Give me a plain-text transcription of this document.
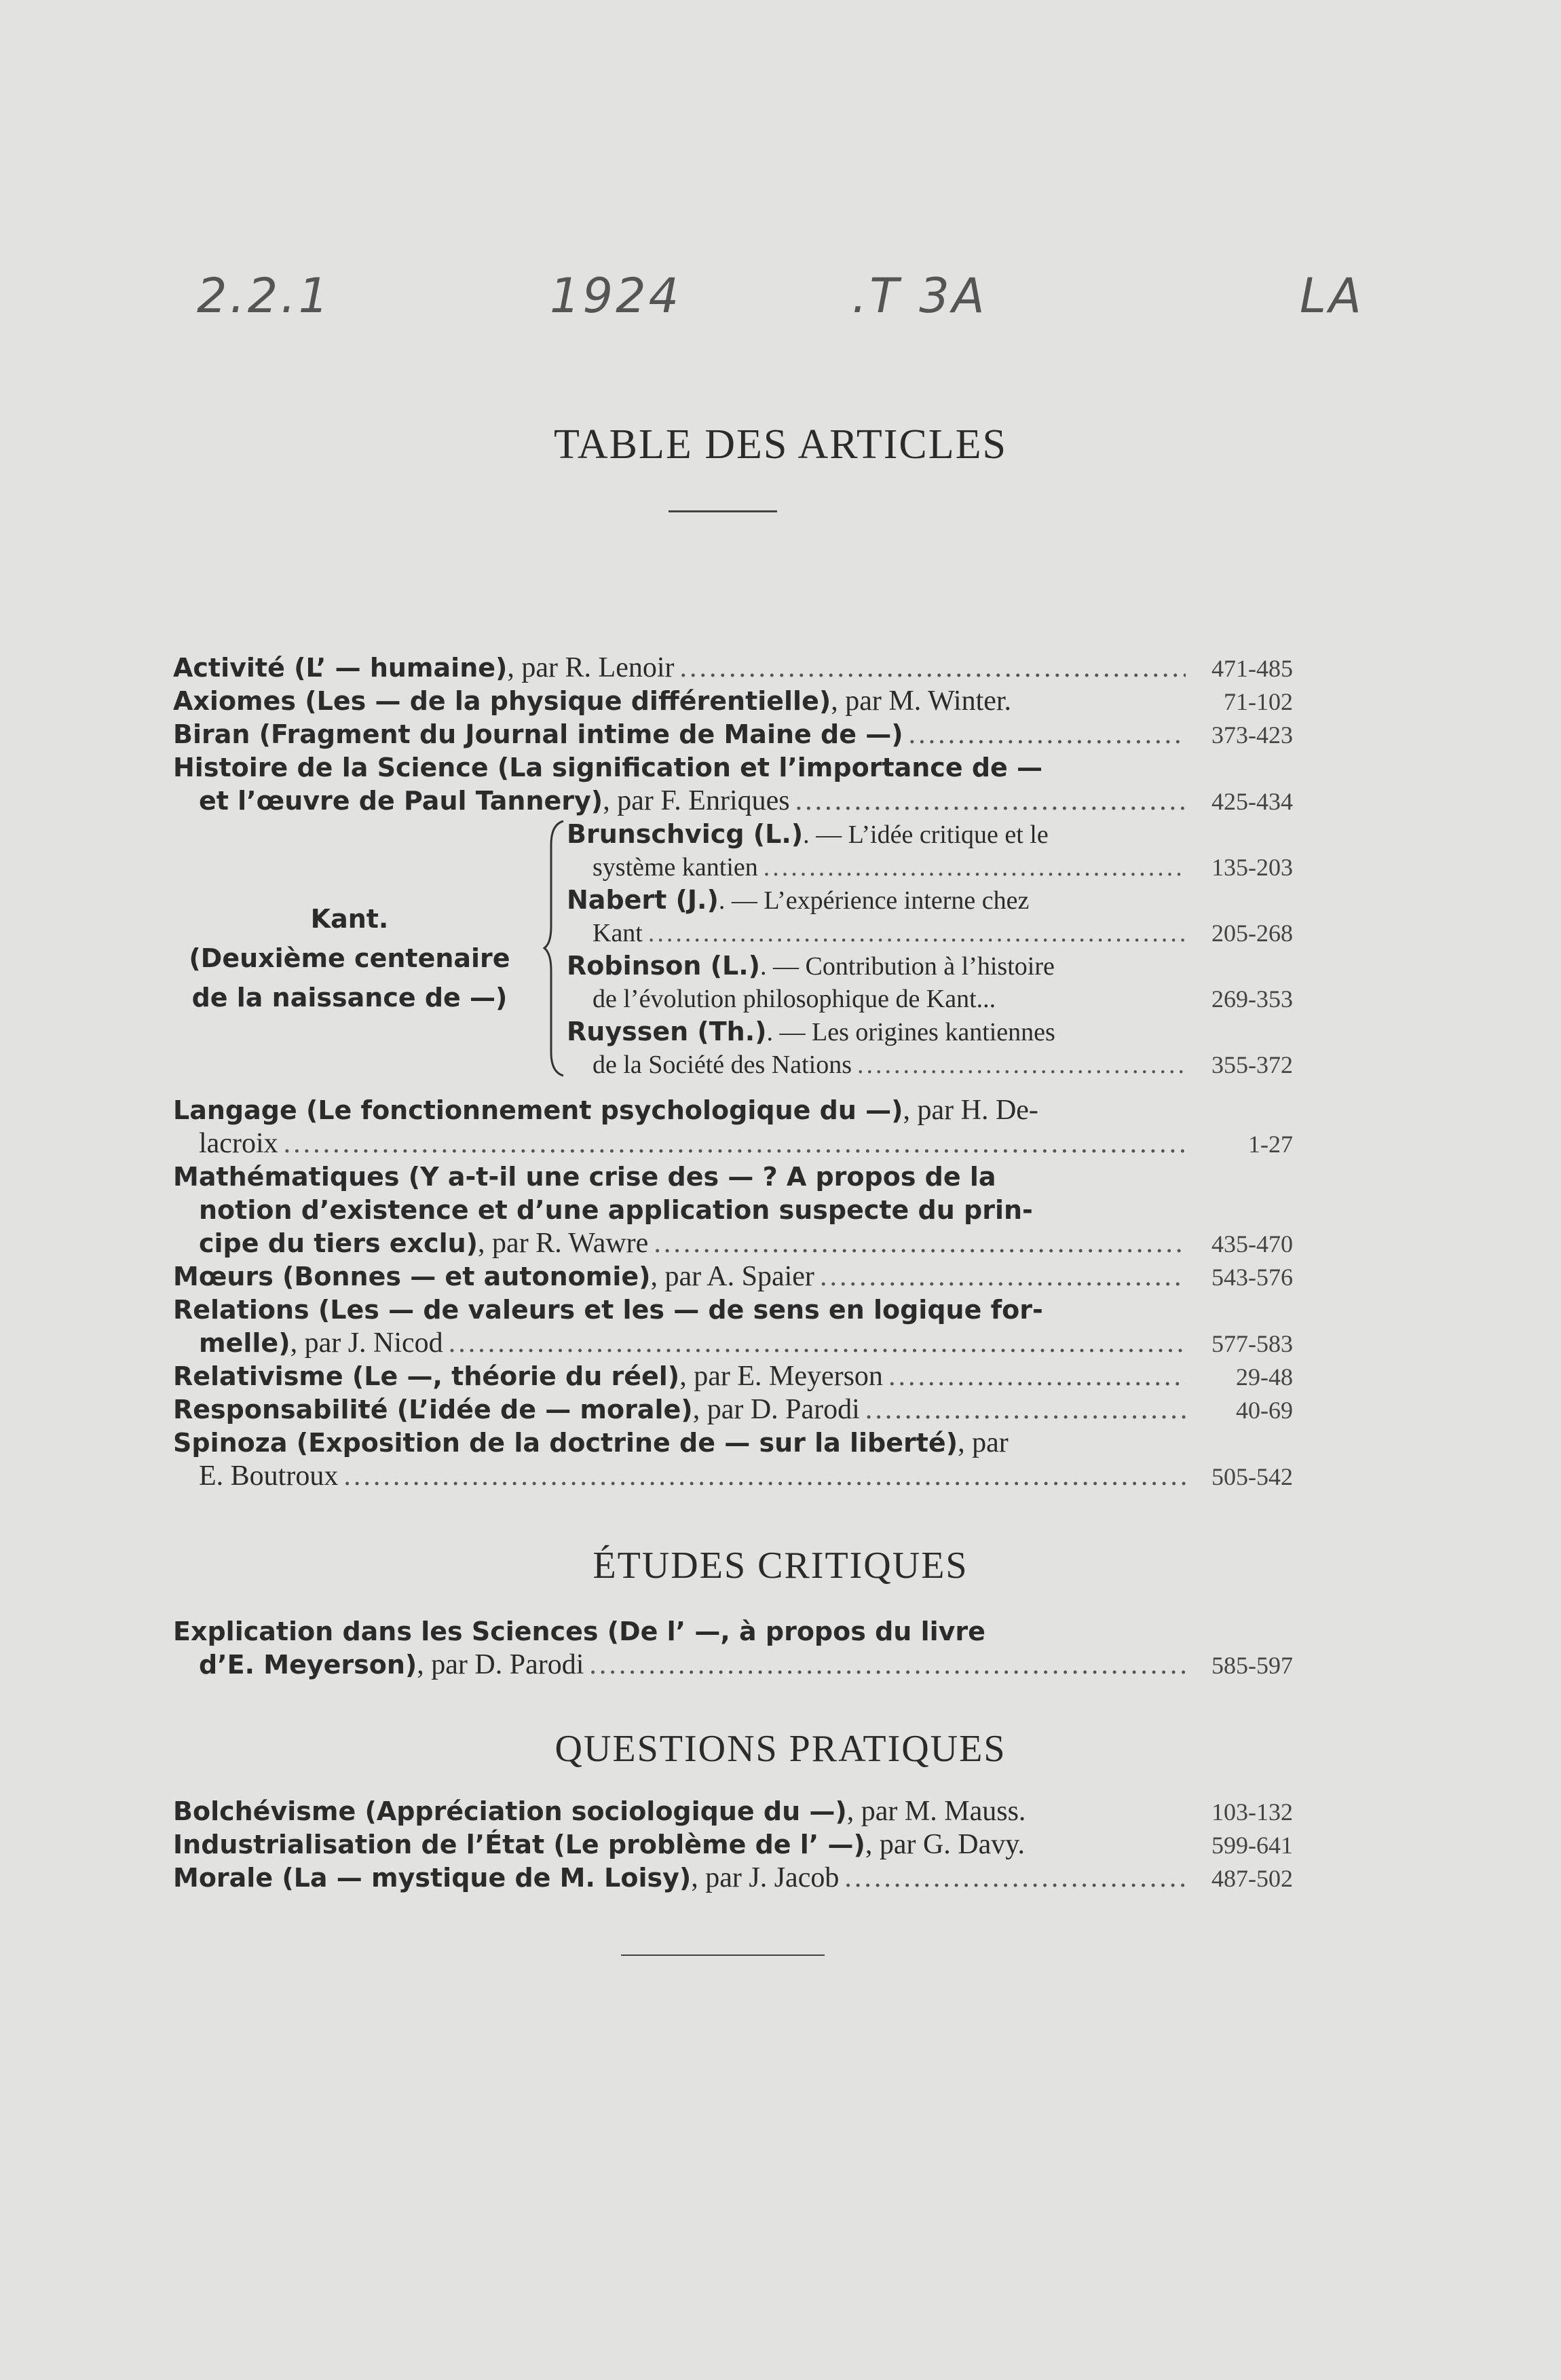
2.2.1	1924	.T 3A	LA
TABLE DES ARTICLES
Activité (L’ — humaine), par R. Lenoir .....	471-485
Axiomes (Les — de la physique différentielle), par M. Winter.	71-102
Biran (Fragment du Journal intime de Maine de —) .....	373-423
Histoire de la Science (La signification et l’importance de —
et l’œuvre de Paul Tannery), par F. Enriques .....	425-434
Kant.
(Deuxième centenaire
de la naissance de —)
Brunschvicg (L.). — L’idée critique et le
système kantien .....	135-203
Nabert (J.). — L’expérience interne chez
Kant .....	205-268
Robinson (L.). — Contribution à l’histoire
de l’évolution philosophique de Kant...	269-353
Ruyssen (Th.). — Les origines kantiennes
de la Société des Nations .....	355-372
Langage (Le fonctionnement psychologique du —), par H. De-
lacroix .....	1-27
Mathématiques (Y a-t-il une crise des — ? A propos de la
notion d’existence et d’une application suspecte du prin-
cipe du tiers exclu), par R. Wawre .....	435-470
Mœurs (Bonnes — et autonomie), par A. Spaier .....	543-576
Relations (Les — de valeurs et les — de sens en logique for-
melle), par J. Nicod .....	577-583
Relativisme (Le —, théorie du réel), par E. Meyerson .....	29-48
Responsabilité (L’idée de — morale), par D. Parodi .....	40-69
Spinoza (Exposition de la doctrine de — sur la liberté), par
E. Boutroux .....	505-542
ÉTUDES CRITIQUES
Explication dans les Sciences (De l’ —, à propos du livre
d’E. Meyerson), par D. Parodi .....	585-597
QUESTIONS PRATIQUES
Bolchévisme (Appréciation sociologique du —), par M. Mauss.	103-132
Industrialisation de l’État (Le problème de l’ —), par G. Davy.	599-641
Morale (La — mystique de M. Loisy), par J. Jacob .....	487-502
